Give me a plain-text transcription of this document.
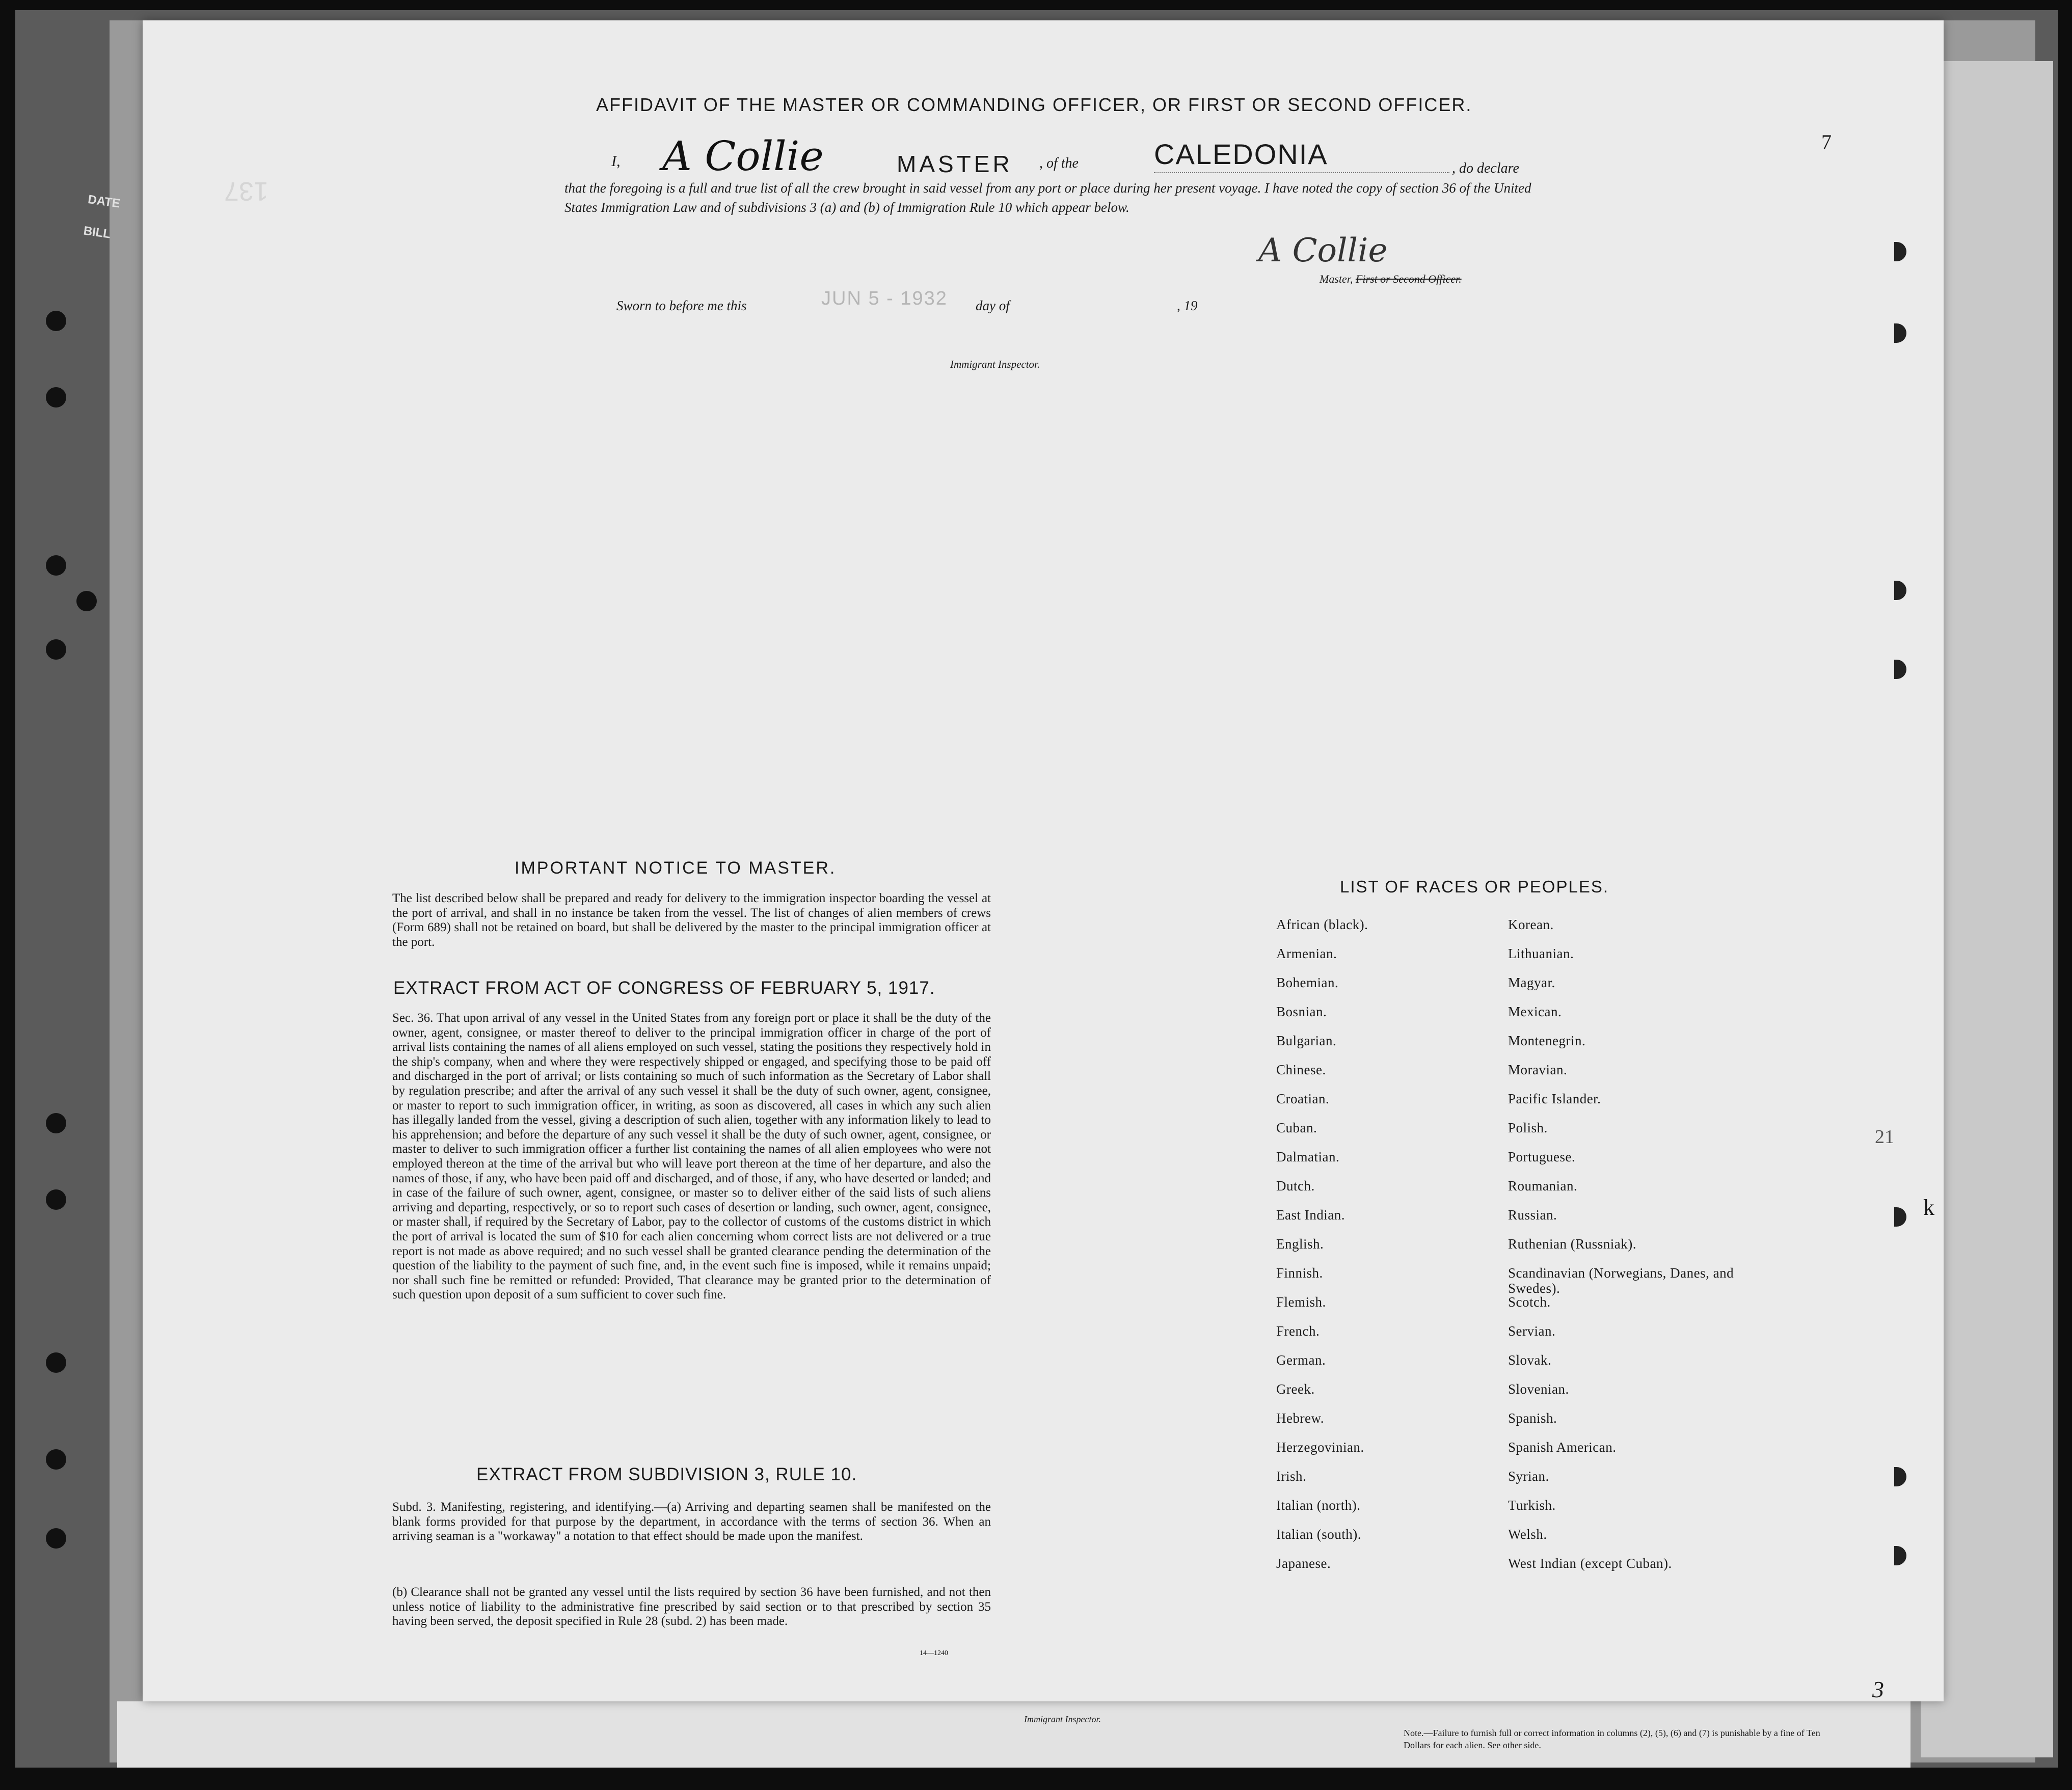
DATE
BILL
137
7
3
k
21
AFFIDAVIT OF THE MASTER OR COMMANDING OFFICER, OR FIRST OR SECOND OFFICER.
I, A Collie	MASTER , of the	CALEDONIA	, do declare
that the foregoing is a full and true list of all the crew brought in said vessel from any port or place during her present voyage. I have noted the copy of section 36 of the United States Immigration Law and of subdivisions 3 (a) and (b) of Immigration Rule 10 which appear below.
A Collie
Master, First or Second Officer.
Sworn to before me this	JUN 5 - 1932 day of	, 19
Immigrant Inspector.
IMPORTANT NOTICE TO MASTER.
The list described below shall be prepared and ready for delivery to the immigration inspector boarding the vessel at the port of arrival, and shall in no instance be taken from the vessel. The list of changes of alien members of crews (Form 689) shall not be retained on board, but shall be delivered by the master to the principal immigration officer at the port.
EXTRACT FROM ACT OF CONGRESS OF FEBRUARY 5, 1917.
Sec. 36. That upon arrival of any vessel in the United States from any foreign port or place it shall be the duty of the owner, agent, consignee, or master thereof to deliver to the principal immigration officer in charge of the port of arrival lists containing the names of all aliens employed on such vessel, stating the positions they respectively hold in the ship's company, when and where they were respectively shipped or engaged, and specifying those to be paid off and discharged in the port of arrival; or lists containing so much of such information as the Secretary of Labor shall by regulation prescribe; and after the arrival of any such vessel it shall be the duty of such owner, agent, consignee, or master to report to such immigration officer, in writing, as soon as discovered, all cases in which any such alien has illegally landed from the vessel, giving a description of such alien, together with any information likely to lead to his apprehension; and before the departure of any such vessel it shall be the duty of such owner, agent, consignee, or master to deliver to such immigration officer a further list containing the names of all alien employees who were not employed thereon at the time of the arrival but who will leave port thereon at the time of her departure, and also the names of those, if any, who have been paid off and discharged, and of those, if any, who have deserted or landed; and in case of the failure of such owner, agent, consignee, or master so to deliver either of the said lists of such aliens arriving and departing, respectively, or so to report such cases of desertion or landing, such owner, agent, consignee, or master shall, if required by the Secretary of Labor, pay to the collector of customs of the customs district in which the port of arrival is located the sum of $10 for each alien concerning whom correct lists are not delivered or a true report is not made as above required; and no such vessel shall be granted clearance pending the determination of the question of the liability to the payment of such fine, and, in the event such fine is imposed, while it remains unpaid; nor shall such fine be remitted or refunded: Provided, That clearance may be granted prior to the determination of such question upon deposit of a sum sufficient to cover such fine.
EXTRACT FROM SUBDIVISION 3, RULE 10.
Subd. 3. Manifesting, registering, and identifying.—(a) Arriving and departing seamen shall be manifested on the blank forms provided for that purpose by the department, in accordance with the terms of section 36. When an arriving seaman is a "workaway" a notation to that effect should be made upon the manifest.
(b) Clearance shall not be granted any vessel until the lists required by section 36 have been furnished, and not then unless notice of liability to the administrative fine prescribed by said section or to that prescribed by section 35 having been served, the deposit specified in Rule 28 (subd. 2) has been made.
14—1240
LIST OF RACES OR PEOPLES.
African (black).	Korean.
Armenian.	Lithuanian.
Bohemian.	Magyar.
Bosnian.	Mexican.
Bulgarian.	Montenegrin.
Chinese.	Moravian.
Croatian.	Pacific Islander.
Cuban.	Polish.
Dalmatian.	Portuguese.
Dutch.	Roumanian.
East Indian.	Russian.
English.	Ruthenian (Russniak).
Finnish.	Scandinavian (Norwegians, Danes, and Swedes).
Flemish.	Scotch.
French.	Servian.
German.	Slovak.
Greek.	Slovenian.
Hebrew.	Spanish.
Herzegovinian.	Spanish American.
Irish.	Syrian.
Italian (north).	Turkish.
Italian (south).	Welsh.
Japanese.	West Indian (except Cuban).
Immigrant Inspector.
Note.—Failure to furnish full or correct information in columns (2), (5), (6) and (7) is punishable by a fine of Ten Dollars for each alien. See other side.
